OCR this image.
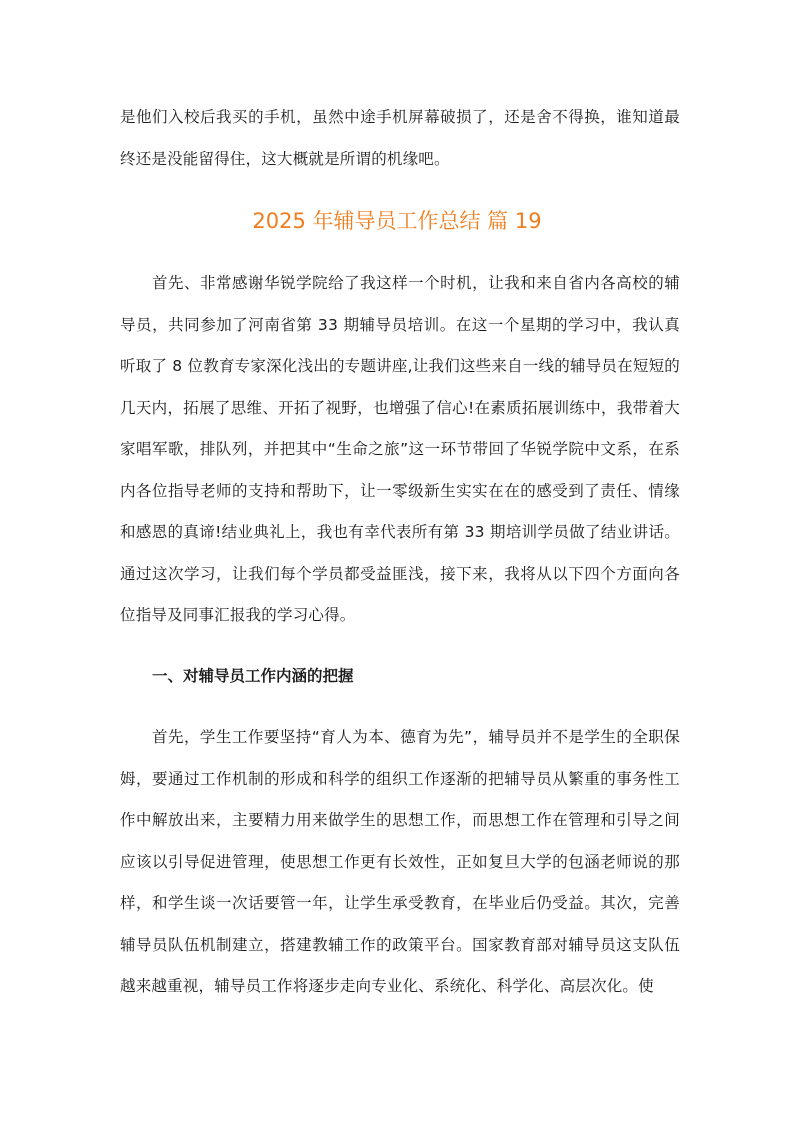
是他们入校后我买的手机，虽然中途手机屏幕破损了，还是舍不得换，谁知道最终还是没能留得住，这大概就是所谓的机缘吧。

2025 年辅导员工作总结 篇 19

首先、非常感谢华锐学院给了我这样一个时机，让我和来自省内各高校的辅导员，共同参加了河南省第 33 期辅导员培训。在这一个星期的学习中，我认真听取了 8 位教育专家深化浅出的专题讲座,让我们这些来自一线的辅导员在短短的几天内，拓展了思维、开拓了视野，也增强了信心!在素质拓展训练中，我带着大家唱军歌，排队列，并把其中“生命之旅”这一环节带回了华锐学院中文系，在系内各位指导老师的支持和帮助下，让一零级新生实实在在的感受到了责任、情缘和感恩的真谛!结业典礼上，我也有幸代表所有第 33 期培训学员做了结业讲话。通过这次学习，让我们每个学员都受益匪浅，接下来，我将从以下四个方面向各位指导及同事汇报我的学习心得。

一、对辅导员工作内涵的把握

首先，学生工作要坚持“育人为本、德育为先”，辅导员并不是学生的全职保姆，要通过工作机制的形成和科学的组织工作逐渐的把辅导员从繁重的事务性工作中解放出来，主要精力用来做学生的思想工作，而思想工作在管理和引导之间应该以引导促进管理，使思想工作更有长效性，正如复旦大学的包涵老师说的那样，和学生谈一次话要管一年，让学生承受教育，在毕业后仍受益。其次，完善辅导员队伍机制建立，搭建教辅工作的政策平台。国家教育部对辅导员这支队伍越来越重视，辅导员工作将逐步走向专业化、系统化、科学化、高层次化。使
